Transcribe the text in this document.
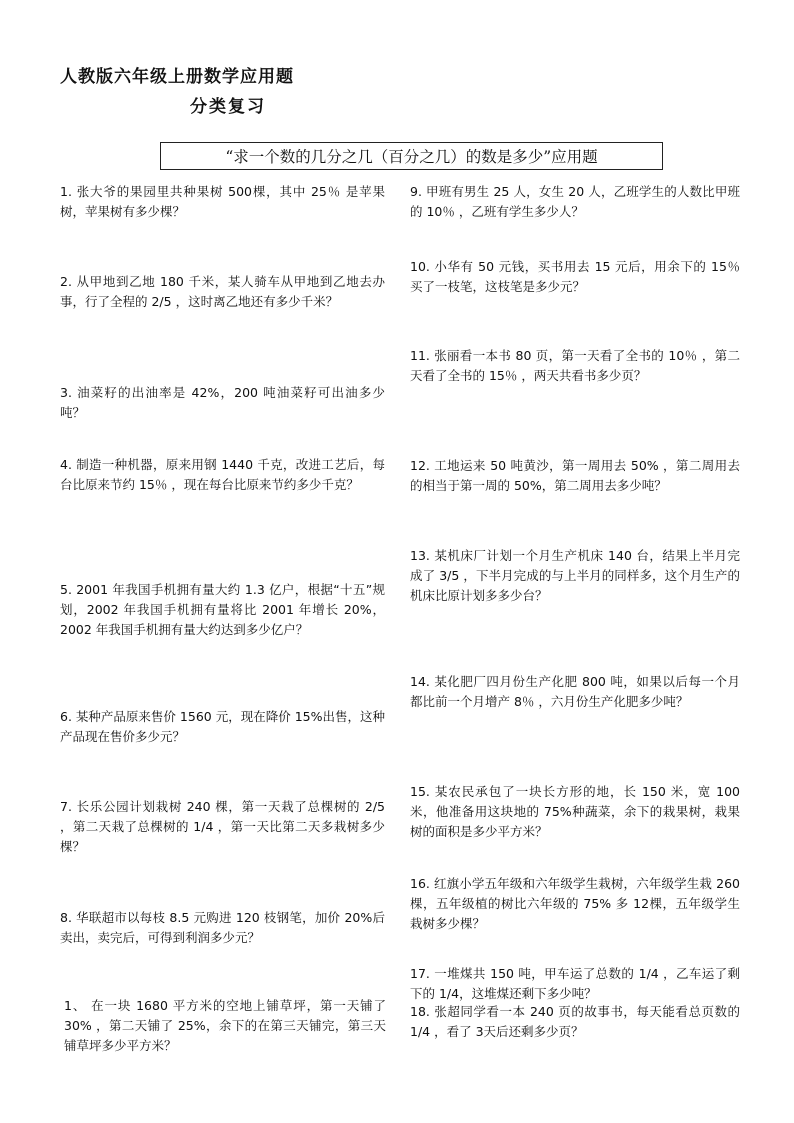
人教版六年级上册数学应用题
分类复习
“求一个数的几分之几（百分之几）的数是多少”应用题
1. 张大爷的果园里共种果树 500棵，其中 25％ 是苹果树，苹果树有多少棵？
2. 从甲地到乙地 180 千米，某人骑车从甲地到乙地去办事，行了全程的 2/5 ，这时离乙地还有多少千米？
3. 油菜籽的出油率是 42%，200 吨油菜籽可出油多少吨？
4. 制造一种机器，原来用钢 1440 千克，改进工艺后，每台比原来节约 15％ ，现在每台比原来节约多少千克？
5. 2001 年我国手机拥有量大约 1.3 亿户，根据“十五”规划，2002 年我国手机拥有量将比 2001 年增长 20%，2002 年我国手机拥有量大约达到多少亿户？
6. 某种产品原来售价 1560 元，现在降价 15%出售，这种产品现在售价多少元？
7. 长乐公园计划栽树 240 棵，第一天栽了总棵树的 2/5 ，第二天栽了总棵树的 1/4 ，第一天比第二天多栽树多少棵？
8. 华联超市以每枝 8.5 元购进 120 枝钢笔，加价 20%后卖出，卖完后，可得到利润多少元？
1、 在一块 1680 平方米的空地上铺草坪，第一天铺了 30% ，第二天铺了 25%，余下的在第三天铺完，第三天铺草坪多少平方米？
9. 甲班有男生 25 人，女生 20 人，乙班学生的人数比甲班的 10％ ，乙班有学生多少人？
10. 小华有 50 元钱，买书用去 15 元后，用余下的 15％ 买了一枝笔，这枝笔是多少元？
11. 张丽看一本书 80 页，第一天看了全书的 10％ ，第二天看了全书的 15％ ，两天共看书多少页？
12. 工地运来 50 吨黄沙，第一周用去 50% ，第二周用去的相当于第一周的 50%，第二周用去多少吨？
13. 某机床厂计划一个月生产机床 140 台，结果上半月完成了 3/5 ，下半月完成的与上半月的同样多，这个月生产的机床比原计划多多少台？
14. 某化肥厂四月份生产化肥 800 吨，如果以后每一个月都比前一个月增产 8％ ，六月份生产化肥多少吨？
15. 某农民承包了一块长方形的地，长 150 米，宽 100 米，他准备用这块地的 75%种蔬菜，余下的栽果树，栽果树的面积是多少平方米？
16. 红旗小学五年级和六年级学生栽树，六年级学生栽 260 棵，五年级植的树比六年级的 75% 多 12棵，五年级学生栽树多少棵？
17. 一堆煤共 150 吨，甲车运了总数的 1/4 ，乙车运了剩下的 1/4，这堆煤还剩下多少吨？
18. 张超同学看一本 240 页的故事书，每天能看总页数的 1/4 ，看了 3天后还剩多少页？
